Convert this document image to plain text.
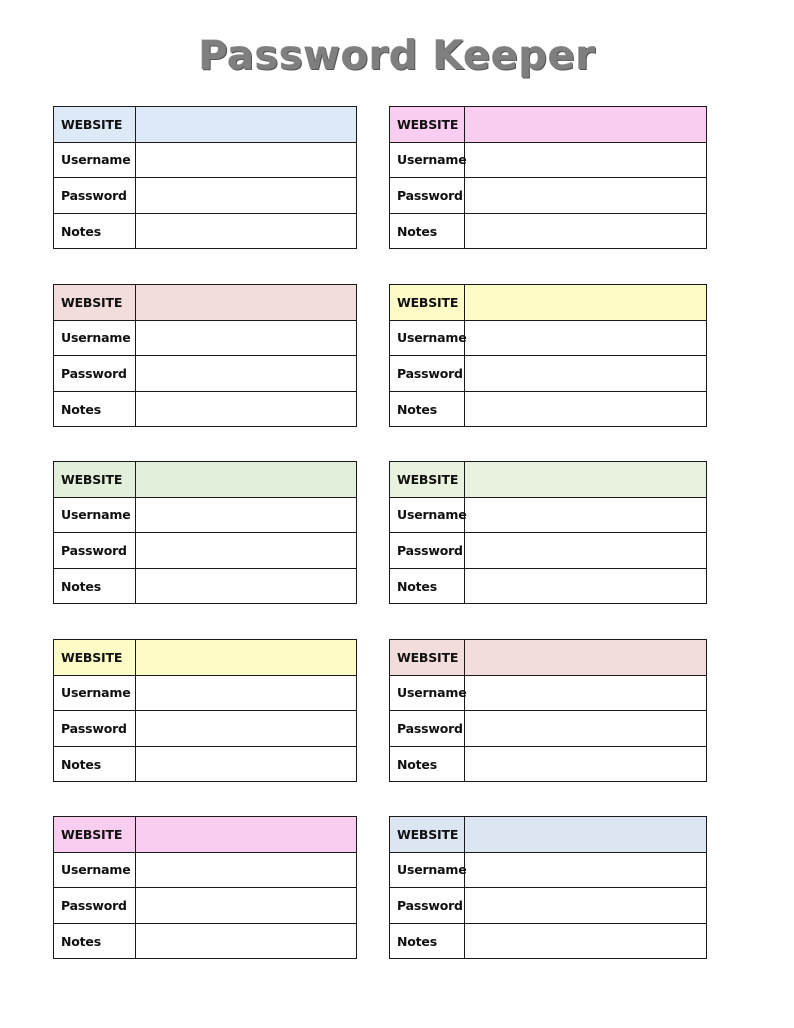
Password Keeper
WEBSITE
Username
Password
Notes
WEBSITE
Username
Password
Notes
WEBSITE
Username
Password
Notes
WEBSITE
Username
Password
Notes
WEBSITE
Username
Password
Notes
WEBSITE
Username
Password
Notes
WEBSITE
Username
Password
Notes
WEBSITE
Username
Password
Notes
WEBSITE
Username
Password
Notes
WEBSITE
Username
Password
Notes
